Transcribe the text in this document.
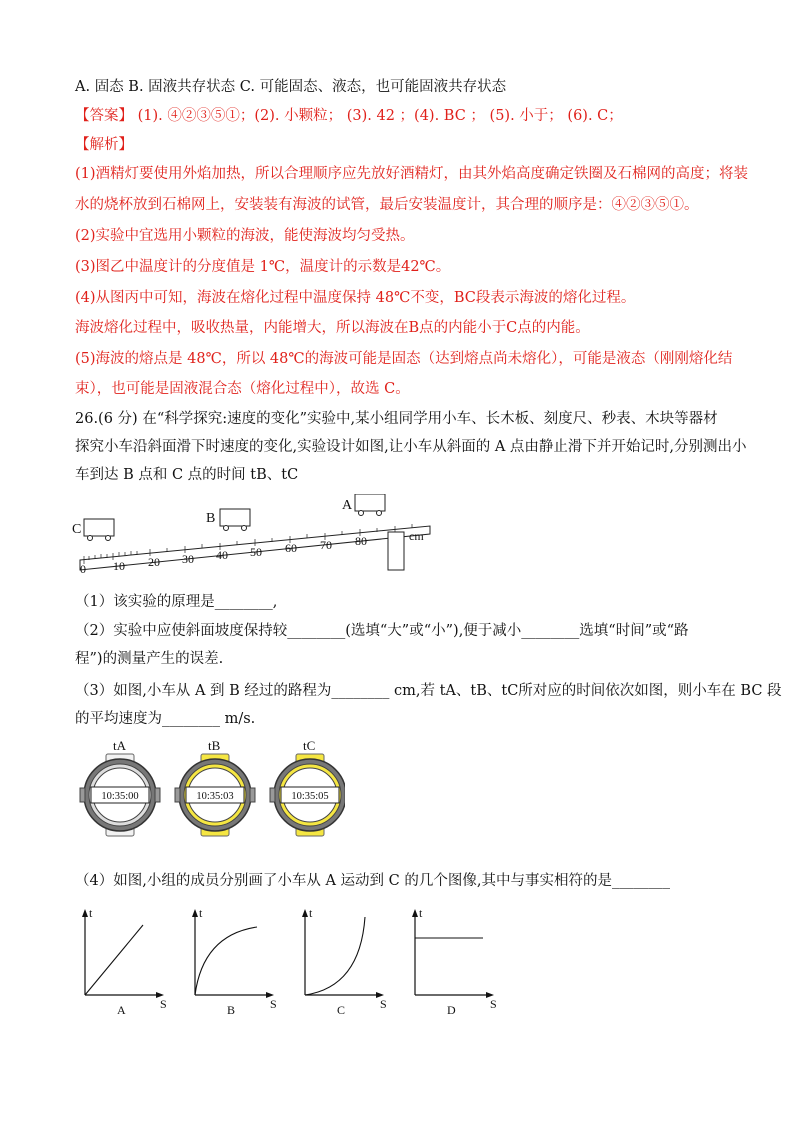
A. 固态 B. 固液共存状态 C. 可能固态、液态，也可能固液共存状态
【答案】 (1). ④②③⑤①；(2). 小颗粒； (3). 42 ；(4). BC ； (5). 小于； (6). C；
【解析】
(1)酒精灯要使用外焰加热，所以合理顺序应先放好酒精灯，由其外焰高度确定铁圈及石棉网的高度；将装
水的烧杯放到石棉网上，安装装有海波的试管，最后安装温度计，其合理的顺序是：④②③⑤①。
(2)实验中宜选用小颗粒的海波，能使海波均匀受热。
(3)图乙中温度计的分度值是 1℃，温度计的示数是42℃。
(4)从图丙中可知，海波在熔化过程中温度保持 48℃不变，BC段表示海波的熔化过程。
海波熔化过程中，吸收热量，内能增大，所以海波在B点的内能小于C点的内能。
(5)海波的熔点是 48℃，所以 48℃的海波可能是固态（达到熔点尚未熔化），可能是液态（刚刚熔化结
束），也可能是固液混合态（熔化过程中），故选 C。
26.(6 分) 在“科学探究:速度的变化”实验中,某小组同学用小车、长木板、刻度尺、秒表、木块等器材
探究小车沿斜面滑下时速度的变化,实验设计如图,让小车从斜面的 A 点由静止滑下并开始记时,分别测出小
车到达 B 点和 C 点的时间 tB、tC
0 10 20 30 40 50 60 70 80	cm
C
B
A
（1）该实验的原理是________,
（2）实验中应使斜面坡度保持较________(选填“大”或“小”),便于减小________选填“时间”或“路
程”)的测量产生的误差.
（3）如图,小车从 A 到 B 经过的路程为________ cm,若 tA、tB、tC所对应的时间依次如图，则小车在 BC 段
的平均速度为________ m/s.
tA
10:35:00
tB
10:35:03
tC
10:35:05
（4）如图,小组的成员分别画了小车从 A 运动到 C 的几个图像,其中与事实相符的是________
t
S
A
t
S
B
t
S
C
t
S
D
